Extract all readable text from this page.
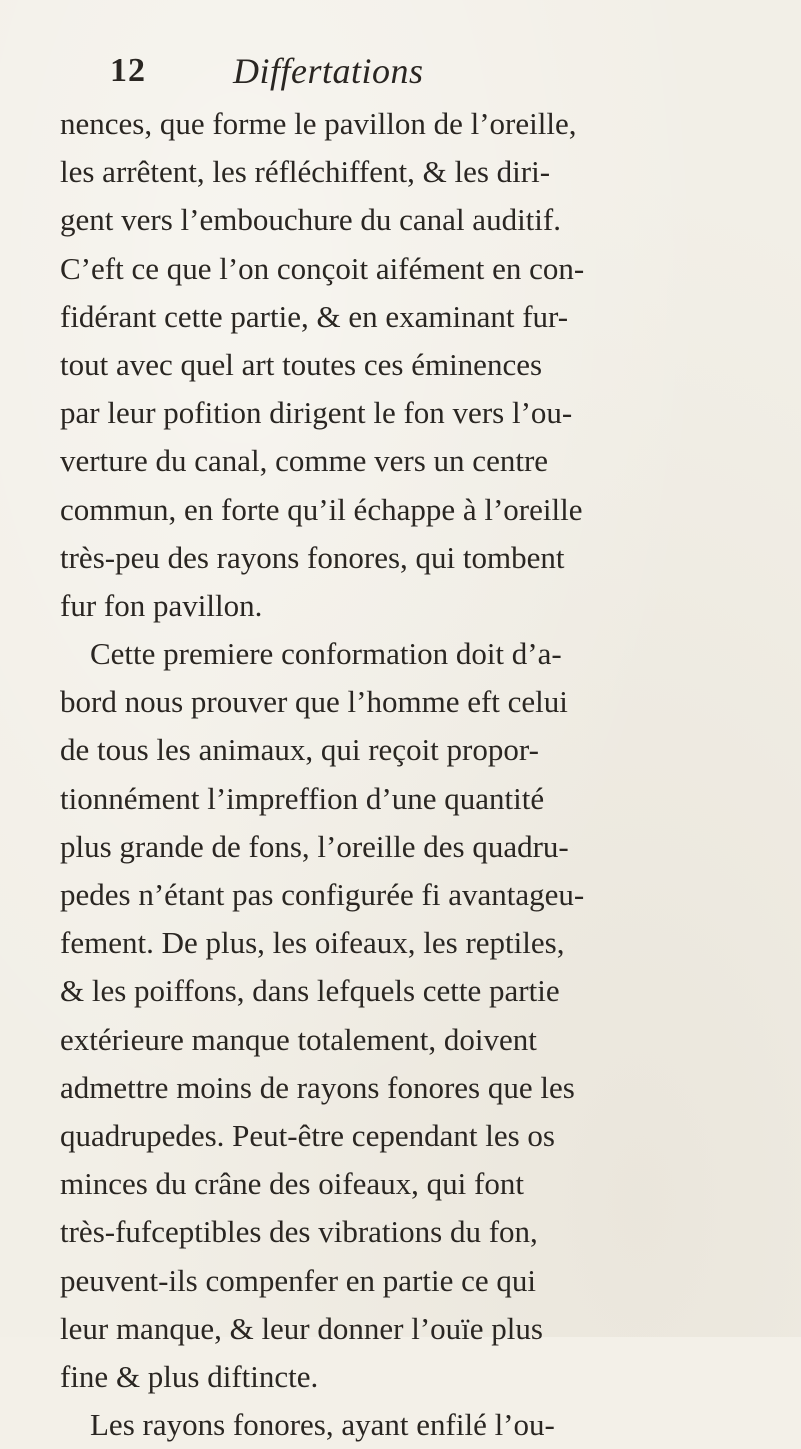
12 Differtations
nences, que forme le pavillon de l’oreille,
les arrêtent, les réfléchiffent, & les diri-
gent vers l’embouchure du canal auditif.
C’eft ce que l’on conçoit aifément en con-
fidérant cette partie, & en examinant fur-
tout avec quel art toutes ces éminences
par leur pofition dirigent le fon vers l’ou-
verture du canal, comme vers un centre
commun, en forte qu’il échappe à l’oreille
très-peu des rayons fonores, qui tombent
fur fon pavillon.
Cette premiere conformation doit d’a-
bord nous prouver que l’homme eft celui
de tous les animaux, qui reçoit propor-
tionnément l’impreffion d’une quantité
plus grande de fons, l’oreille des quadru-
pedes n’étant pas configurée fi avantageu-
fement. De plus, les oifeaux, les reptiles,
& les poiffons, dans lefquels cette partie
extérieure manque totalement, doivent
admettre moins de rayons fonores que les
quadrupedes. Peut-être cependant les os
minces du crâne des oifeaux, qui font
très-fufceptibles des vibrations du fon,
peuvent-ils compenfer en partie ce qui
leur manque, & leur donner l’ouïe plus
fine & plus diftincte.
Les rayons fonores, ayant enfilé l’ou-
